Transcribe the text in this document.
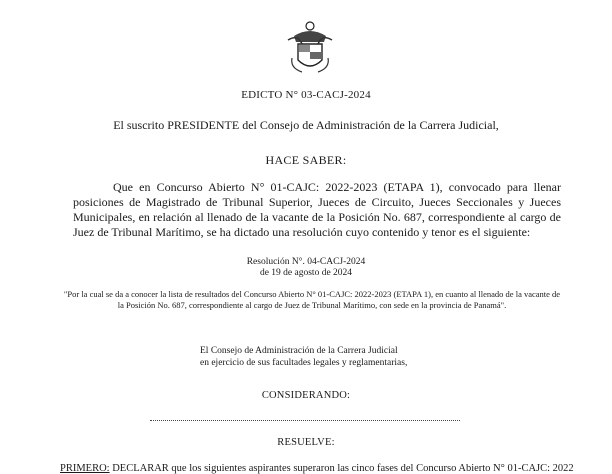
EDICTO N° 03-CACJ-2024
El suscrito PRESIDENTE del Consejo de Administración de la Carrera Judicial,
HACE SABER:
Que en Concurso Abierto N° 01-CAJC: 2022-2023 (ETAPA 1), convocado para llenar posiciones de Magistrado de Tribunal Superior, Jueces de Circuito, Jueces Seccionales y Jueces Municipales, en relación al llenado de la vacante de la Posición No. 687, correspondiente al cargo de Juez de Tribunal Marítimo, se ha dictado una resolución cuyo contenido y tenor es el siguiente:
Resolución N°. 04-CACJ-2024
de 19 de agosto de 2024
"Por la cual se da a conocer la lista de resultados del Concurso Abierto N° 01-CAJC: 2022-2023 (ETAPA 1), en cuanto al llenado de la vacante de la Posición No. 687, correspondiente al cargo de Juez de Tribunal Marítimo, con sede en la provincia de Panamá".
El Consejo de Administración de la Carrera Judicial
en ejercicio de sus facultades legales y reglamentarias,
CONSIDERANDO:
RESUELVE:
PRIMERO: DECLARAR que los siguientes aspirantes superaron las cinco fases del Concurso Abierto N° 01-CAJC: 2022
